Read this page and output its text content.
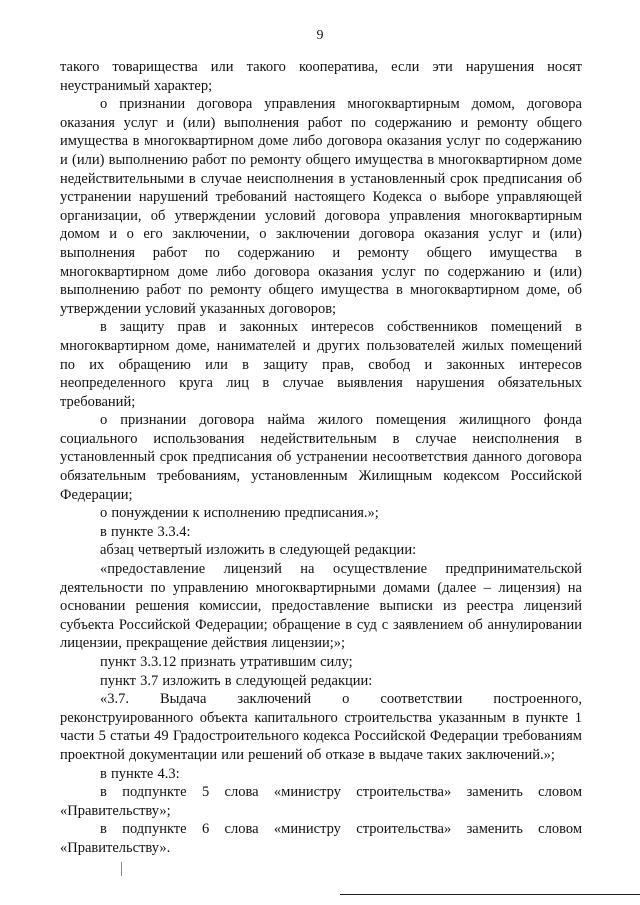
9

такого товарищества или такого кооператива, если эти нарушения носят неустранимый характер;

о признании договора управления многоквартирным домом, договора оказания услуг и (или) выполнения работ по содержанию и ремонту общего имущества в многоквартирном доме либо договора оказания услуг по содержанию и (или) выполнению работ по ремонту общего имущества в многоквартирном доме недействительными в случае неисполнения в установленный срок предписания об устранении нарушений требований настоящего Кодекса о выборе управляющей организации, об утверждении условий договора управления многоквартирным домом и о его заключении, о заключении договора оказания услуг и (или) выполнения работ по содержанию и ремонту общего имущества в многоквартирном доме либо договора оказания услуг по содержанию и (или) выполнению работ по ремонту общего имущества в многоквартирном доме, об утверждении условий указанных договоров;

в защиту прав и законных интересов собственников помещений в многоквартирном доме, нанимателей и других пользователей жилых помещений по их обращению или в защиту прав, свобод и законных интересов неопределенного круга лиц в случае выявления нарушения обязательных требований;

о признании договора найма жилого помещения жилищного фонда социального использования недействительным в случае неисполнения в установленный срок предписания об устранении несоответствия данного договора обязательным требованиям, установленным Жилищным кодексом Российской Федерации;

о понуждении к исполнению предписания.»;

в пункте 3.3.4:

абзац четвертый изложить в следующей редакции:

«предоставление лицензий на осуществление предпринимательской деятельности по управлению многоквартирными домами (далее – лицензия) на основании решения комиссии, предоставление выписки из реестра лицензий субъекта Российской Федерации; обращение в суд с заявлением об аннулировании лицензии, прекращение действия лицензии;»;

пункт 3.3.12 признать утратившим силу;

пункт 3.7 изложить в следующей редакции:

«3.7. Выдача заключений о соответствии построенного, реконструированного объекта капитального строительства указанным в пункте 1 части 5 статьи 49 Градостроительного кодекса Российской Федерации требованиям проектной документации или решений об отказе в выдаче таких заключений.»;

в пункте 4.3:

в подпункте 5 слова «министру строительства» заменить словом «Правительству»;

в подпункте 6 слова «министру строительства» заменить словом «Правительству».
